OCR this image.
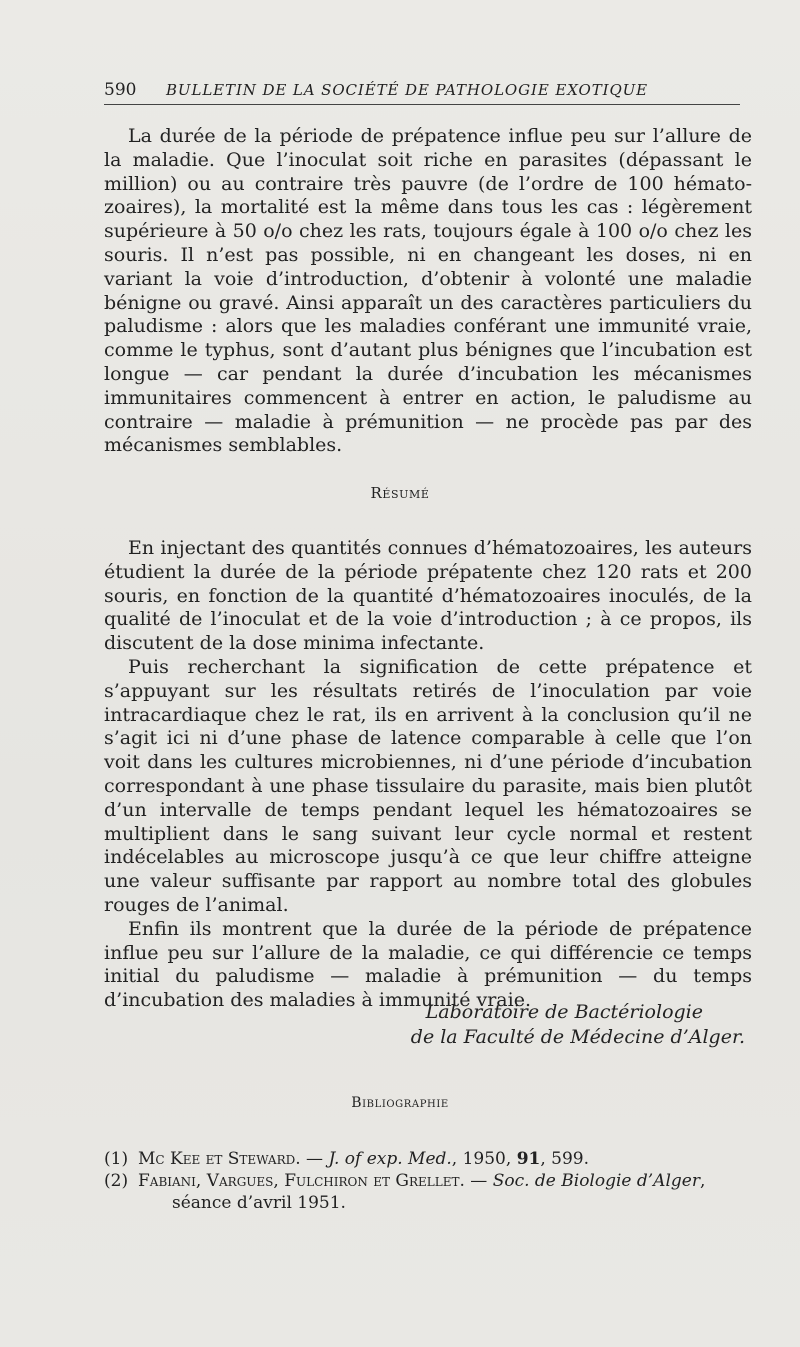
590	BULLETIN DE LA SOCIÉTÉ DE PATHOLOGIE EXOTIQUE

La durée de la période de prépatence influe peu sur l’allure de la maladie. Que l’inoculat soit riche en parasites (dépassant le million) ou au contraire très pauvre (de l’ordre de 100 hématozoaires), la mortalité est la même dans tous les cas : légèrement supérieure à 50 o/o chez les rats, toujours égale à 100 o/o chez les souris. Il n’est pas possible, ni en changeant les doses, ni en variant la voie d’introduction, d’obtenir à volonté une maladie bénigne ou gravé. Ainsi apparaît un des caractères particuliers du paludisme : alors que les maladies conférant une immunité vraie, comme le typhus, sont d’autant plus bénignes que l’incubation est longue — car pendant la durée d’incubation les mécanismes immunitaires commencent à entrer en action, le paludisme au contraire — maladie à prémunition — ne procède pas par des mécanismes semblables.

Résumé

En injectant des quantités connues d’hématozoaires, les auteurs étudient la durée de la période prépatente chez 120 rats et 200 souris, en fonction de la quantité d’hématozoaires inoculés, de la qualité de l’inoculat et de la voie d’introduction ; à ce propos, ils discutent de la dose minima infectante.

Puis recherchant la signification de cette prépatence et s’appuyant sur les résultats retirés de l’inoculation par voie intracardiaque chez le rat, ils en arrivent à la conclusion qu’il ne s’agit ici ni d’une phase de latence comparable à celle que l’on voit dans les cultures microbiennes, ni d’une période d’incubation correspondant à une phase tissulaire du parasite, mais bien plutôt d’un intervalle de temps pendant lequel les hématozoaires se multiplient dans le sang suivant leur cycle normal et restent indécelables au microscope jusqu’à ce que leur chiffre atteigne une valeur suffisante par rapport au nombre total des globules rouges de l’animal.

Enfin ils montrent que la durée de la période de prépatence influe peu sur l’allure de la maladie, ce qui différencie ce temps initial du paludisme — maladie à prémunition — du temps d’incubation des maladies à immunité vraie.

Laboratoire de Bactériologie
de la Faculté de Médecine d’Alger.
Bibliographie
(1) Mc Kee et Steward. — J. of exp. Med., 1950, 91, 599.
(2) Fabiani, Vargues, Fulchiron et Grellet. — Soc. de Biologie d’Alger,
séance d’avril 1951.
